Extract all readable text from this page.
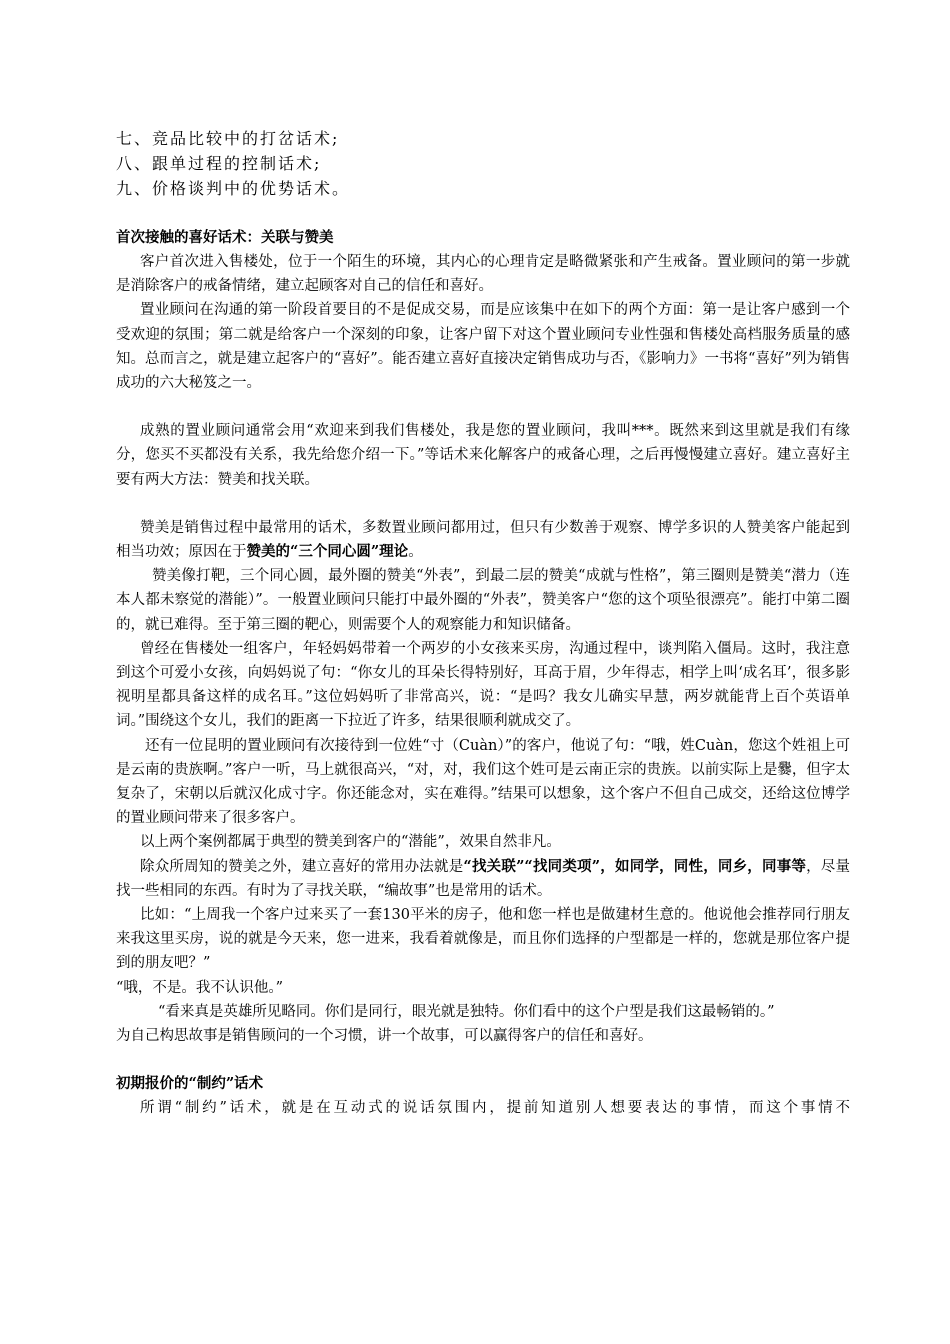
七、竞品比较中的打岔话术;
八、跟单过程的控制话术;
九、价格谈判中的优势话术。
首次接触的喜好话术：关联与赞美

客户首次进入售楼处，位于一个陌生的环境，其内心的心理肯定是略微紧张和产生戒备。置业顾问的第一步就是消除客户的戒备情绪，建立起顾客对自己的信任和喜好。

置业顾问在沟通的第一阶段首要目的不是促成交易，而是应该集中在如下的两个方面：第一是让客户感到一个受欢迎的氛围；第二就是给客户一个深刻的印象，让客户留下对这个置业顾问专业性强和售楼处高档服务质量的感知。总而言之，就是建立起客户的“喜好”。能否建立喜好直接决定销售成功与否，《影响力》一书将“喜好”列为销售成功的六大秘笈之一。

成熟的置业顾问通常会用“欢迎来到我们售楼处，我是您的置业顾问，我叫***。既然来到这里就是我们有缘分，您买不买都没有关系，我先给您介绍一下。”等话术来化解客户的戒备心理，之后再慢慢建立喜好。建立喜好主要有两大方法：赞美和找关联。

赞美是销售过程中最常用的话术，多数置业顾问都用过，但只有少数善于观察、博学多识的人赞美客户能起到相当功效；原因在于赞美的“三个同心圆”理论。

赞美像打靶，三个同心圆，最外圈的赞美“外表”，到最二层的赞美“成就与性格”，第三圈则是赞美“潜力（连本人都未察觉的潜能）”。一般置业顾问只能打中最外圈的“外表”，赞美客户“您的这个项坠很漂亮”。能打中第二圈的，就已难得。至于第三圈的靶心，则需要个人的观察能力和知识储备。

曾经在售楼处一组客户，年轻妈妈带着一个两岁的小女孩来买房，沟通过程中，谈判陷入僵局。这时，我注意到这个可爱小女孩，向妈妈说了句：“你女儿的耳朵长得特别好，耳高于眉，少年得志，相学上叫‘成名耳’，很多影视明星都具备这样的成名耳。”这位妈妈听了非常高兴，说：“是吗？我女儿确实早慧，两岁就能背上百个英语单词。”围绕这个女儿，我们的距离一下拉近了许多，结果很顺利就成交了。

还有一位昆明的置业顾问有次接待到一位姓“寸（Cuàn）”的客户，他说了句：“哦，姓Cuàn，您这个姓祖上可是云南的贵族啊。”客户一听，马上就很高兴，“对，对，我们这个姓可是云南正宗的贵族。以前实际上是爨，但字太复杂了，宋朝以后就汉化成寸字。你还能念对，实在难得。”结果可以想象，这个客户不但自己成交，还给这位博学的置业顾问带来了很多客户。

以上两个案例都属于典型的赞美到客户的“潜能”，效果自然非凡。

除众所周知的赞美之外，建立喜好的常用办法就是“找关联”“找同类项”，如同学，同性，同乡，同事等，尽量找一些相同的东西。有时为了寻找关联，“编故事”也是常用的话术。

比如：“上周我一个客户过来买了一套130平米的房子，他和您一样也是做建材生意的。他说他会推荐同行朋友来我这里买房，说的就是今天来，您一进来，我看着就像是，而且你们选择的户型都是一样的，您就是那位客户提到的朋友吧？”

“哦，不是。我不认识他。”

“看来真是英雄所见略同。你们是同行，眼光就是独特。你们看中的这个户型是我们这最畅销的。”

为自己构思故事是销售顾问的一个习惯，讲一个故事，可以赢得客户的信任和喜好。

初期报价的“制约”话术

所谓“制约”话术，就是在互动式的说话氛围内，提前知道别人想要表达的事情，而这个事情不
